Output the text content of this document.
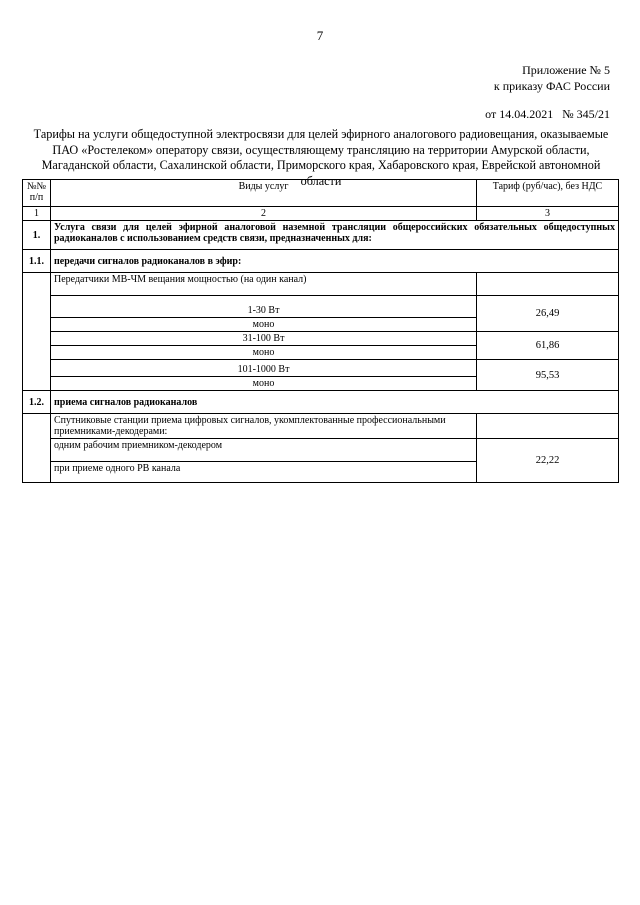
7
Приложение № 5
к приказу ФАС России
от 14.04.2021   № 345/21
Тарифы на услуги общедоступной электросвязи для целей эфирного аналогового радиовещания, оказываемые ПАО «Ростелеком» оператору связи, осуществляющему трансляцию на территории Амурской области, Магаданской области, Сахалинской области, Приморского края, Хабаровского края, Еврейской автономной области
№№ п/п	Виды услуг	Тариф (руб/час), без НДС
1	2	3
1.	Услуга связи для целей эфирной аналоговой наземной трансляции общероссийских обязательных общедоступных радиоканалов с использованием средств связи, предназначенных для:	
1.1.	передачи сигналов радиоканалов в эфир:	
	Передатчики МВ-ЧМ вещания мощностью (на один канал)	
	1-30 Вт	26,49
	моно	
	31-100 Вт	61,86
	моно	
	101-1000 Вт	95,53
	моно	
1.2.	приема сигналов радиоканалов	
	Спутниковые станции приема цифровых сигналов, укомплектованные профессиональными приемниками-декодерами:	
	одним рабочим приемником-декодером	22,22
	при приеме одного РВ канала	
